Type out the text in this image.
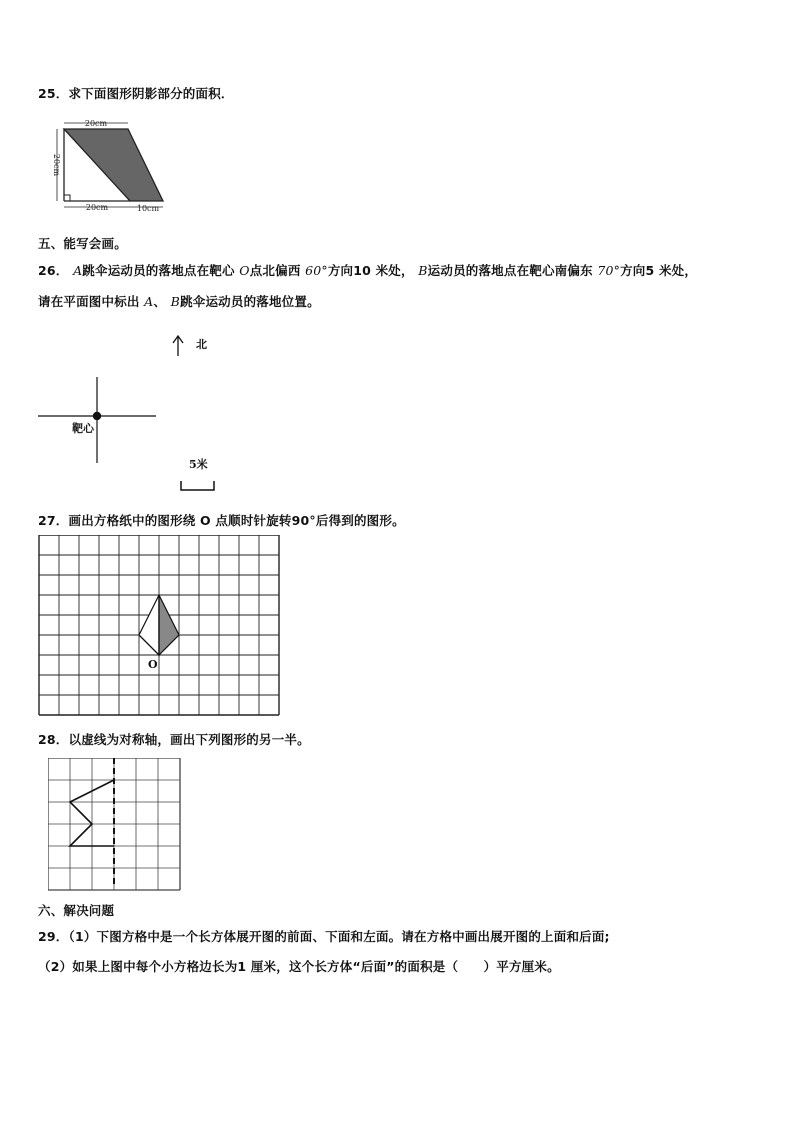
25．求下面图形阴影部分的面积．
20cm
20cm
20cm	10cm
五、能写会画。
26． A跳伞运动员的落地点在靶心 O点北偏西 60°方向10 米处， B运动员的落地点在靶心南偏东 70°方向5 米处，
请在平面图中标出 A、 B跳伞运动员的落地位置。
北
靶心
5米
27．画出方格纸中的图形绕 O 点顺时针旋转90°后得到的图形。
O
28．以虚线为对称轴，画出下列图形的另一半。
六、解决问题
29．（1）下图方格中是一个长方体展开图的前面、下面和左面。请在方格中画出展开图的上面和后面;
（2）如果上图中每个小方格边长为1 厘米，这个长方体“后面”的面积是（　　）平方厘米。
